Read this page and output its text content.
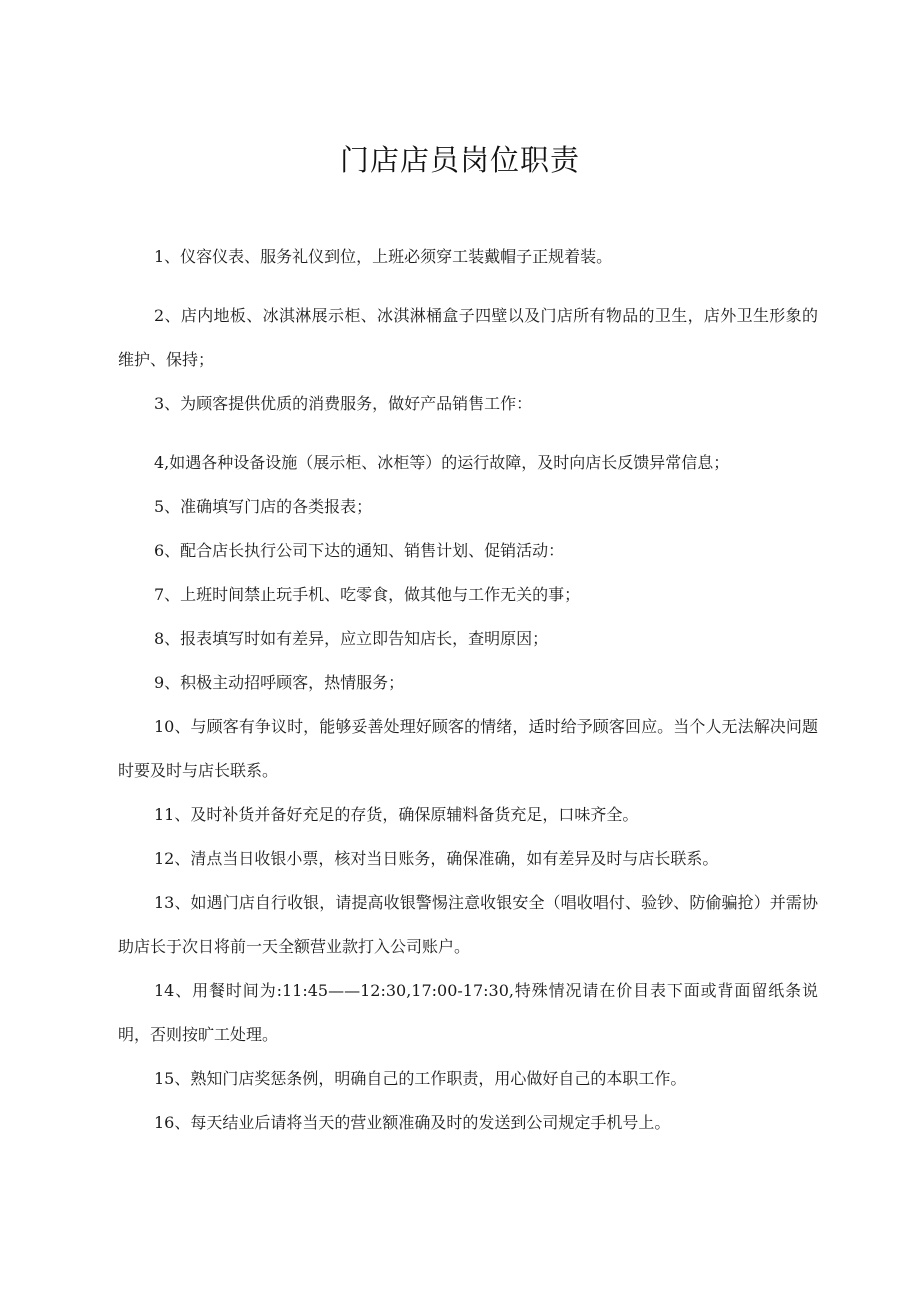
门店店员岗位职责

1、仪容仪表、服务礼仪到位，上班必须穿工装戴帽子正规着装。

2、店内地板、冰淇淋展示柜、冰淇淋桶盒子四壁以及门店所有物品的卫生，店外卫生形象的维护、保持；

3、为顾客提供优质的消费服务，做好产品销售工作：

4,如遇各种设备设施（展示柜、冰柜等）的运行故障，及时向店长反馈异常信息；

5、准确填写门店的各类报表；

6、配合店长执行公司下达的通知、销售计划、促销活动：

7、上班时间禁止玩手机、吃零食，做其他与工作无关的事；

8、报表填写时如有差异，应立即告知店长，查明原因；

9、积极主动招呼顾客，热情服务；

10、与顾客有争议时，能够妥善处理好顾客的情绪，适时给予顾客回应。当个人无法解决问题时要及时与店长联系。

11、及时补货并备好充足的存货，确保原辅料备货充足，口味齐全。

12、清点当日收银小票，核对当日账务，确保准确，如有差异及时与店长联系。

13、如遇门店自行收银，请提高收银警惕注意收银安全（唱收唱付、验钞、防偷骗抢）并需协助店长于次日将前一天全额营业款打入公司账户。

14、用餐时间为:11:45——12:30,17:00-17:30,特殊情况请在价目表下面或背面留纸条说明，否则按旷工处理。

15、熟知门店奖惩条例，明确自己的工作职责，用心做好自己的本职工作。

16、每天结业后请将当天的营业额准确及时的发送到公司规定手机号上。
